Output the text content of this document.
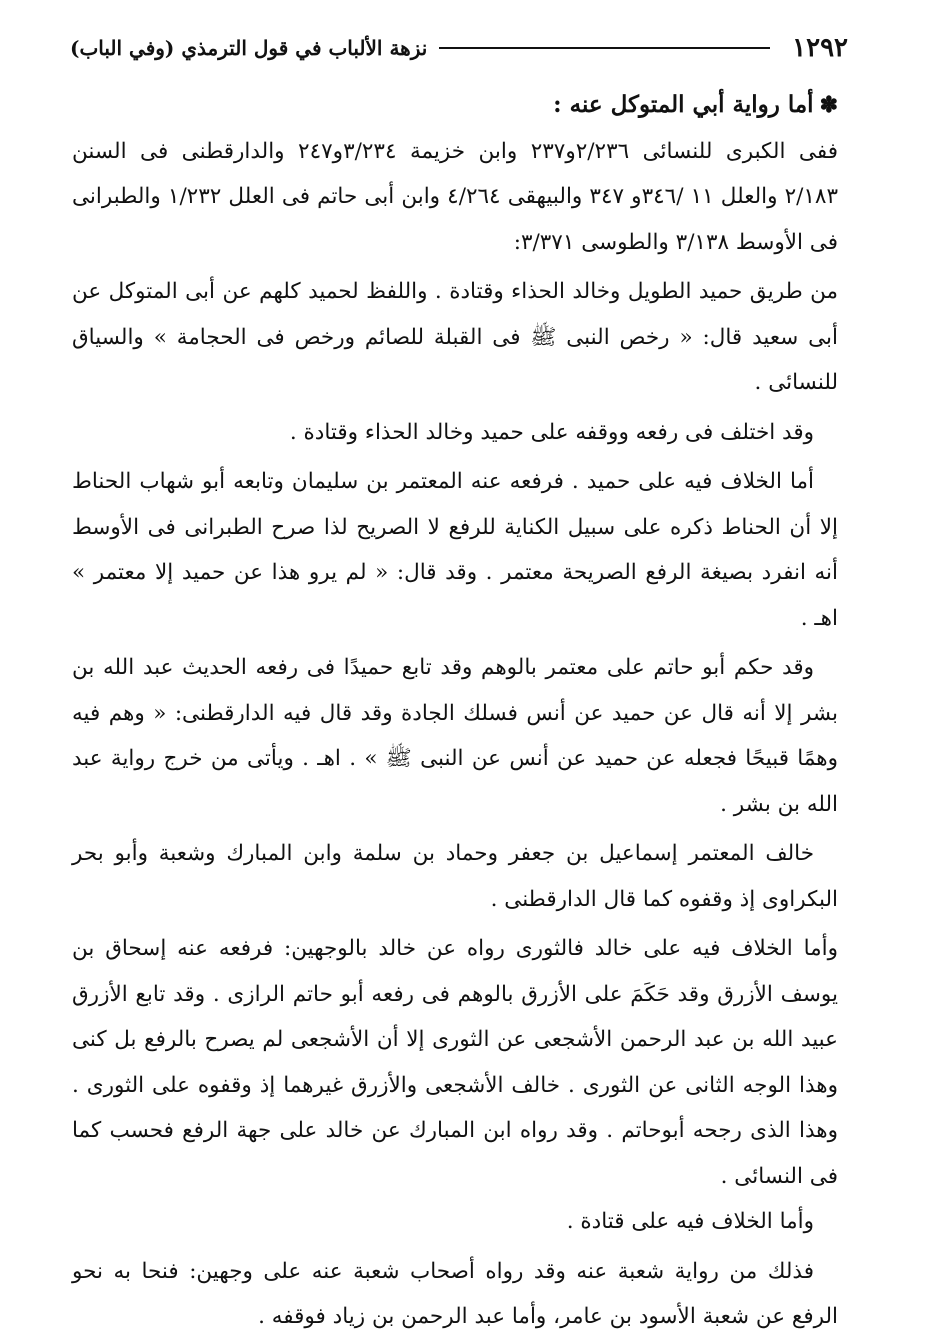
١٢٩٢
نزهة الألباب في قول الترمذي (وفي الباب)

✽أما رواية أبي المتوكل عنه :

ففى الكبرى للنسائى ٢/٢٣٦و٢٣٧ وابن خزيمة ٣/٢٣٤و٢٤٧ والدارقطنى فى السنن ٢/١٨٣ والعلل ١١ /٣٤٦و ٣٤٧ والبيهقى ٤/٢٦٤ وابن أبى حاتم فى العلل ١/٢٣٢ والطبرانى فى الأوسط ٣/١٣٨ والطوسى ٣/٣٧١:

من طريق حميد الطويل وخالد الحذاء وقتادة . واللفظ لحميد كلهم عن أبى المتوكل عن أبى سعيد قال: « رخص النبى ﷺ فى القبلة للصائم ورخص فى الحجامة » والسياق للنسائى .

وقد اختلف فى رفعه ووقفه على حميد وخالد الحذاء وقتادة .

أما الخلاف فيه على حميد . فرفعه عنه المعتمر بن سليمان وتابعه أبو شهاب الحناط إلا أن الحناط ذكره على سبيل الكناية للرفع لا الصريح لذا صرح الطبرانى فى الأوسط أنه انفرد بصيغة الرفع الصريحة معتمر . وقد قال: « لم يرو هذا عن حميد إلا معتمر » اهـ .

وقد حكم أبو حاتم على معتمر بالوهم وقد تابع حميدًا فى رفعه الحديث عبد الله بن بشر إلا أنه قال عن حميد عن أنس فسلك الجادة وقد قال فيه الدارقطنى: « وهم فيه وهمًا قبيحًا فجعله عن حميد عن أنس عن النبى ﷺ » . اهـ . ويأتى من خرج رواية عبد الله بن بشر .

خالف المعتمر إسماعيل بن جعفر وحماد بن سلمة وابن المبارك وشعبة وأبو بحر البكراوى إذ وقفوه كما قال الدارقطنى .

وأما الخلاف فيه على خالد فالثورى رواه عن خالد بالوجهين: فرفعه عنه إسحاق بن يوسف الأزرق وقد حَكَمَ على الأزرق بالوهم فى رفعه أبو حاتم الرازى . وقد تابع الأزرق عبيد الله بن عبد الرحمن الأشجعى عن الثورى إلا أن الأشجعى لم يصرح بالرفع بل كنى وهذا الوجه الثانى عن الثورى . خالف الأشجعى والأزرق غيرهما إذ وقفوه على الثورى . وهذا الذى رجحه أبوحاتم . وقد رواه ابن المبارك عن خالد على جهة الرفع فحسب كما فى النسائى .

وأما الخلاف فيه على قتادة .

فذلك من رواية شعبة عنه وقد رواه أصحاب شعبة عنه على وجهين: فنحا به نحو الرفع عن شعبة الأسود بن عامر، وأما عبد الرحمن بن زياد فوقفه .
